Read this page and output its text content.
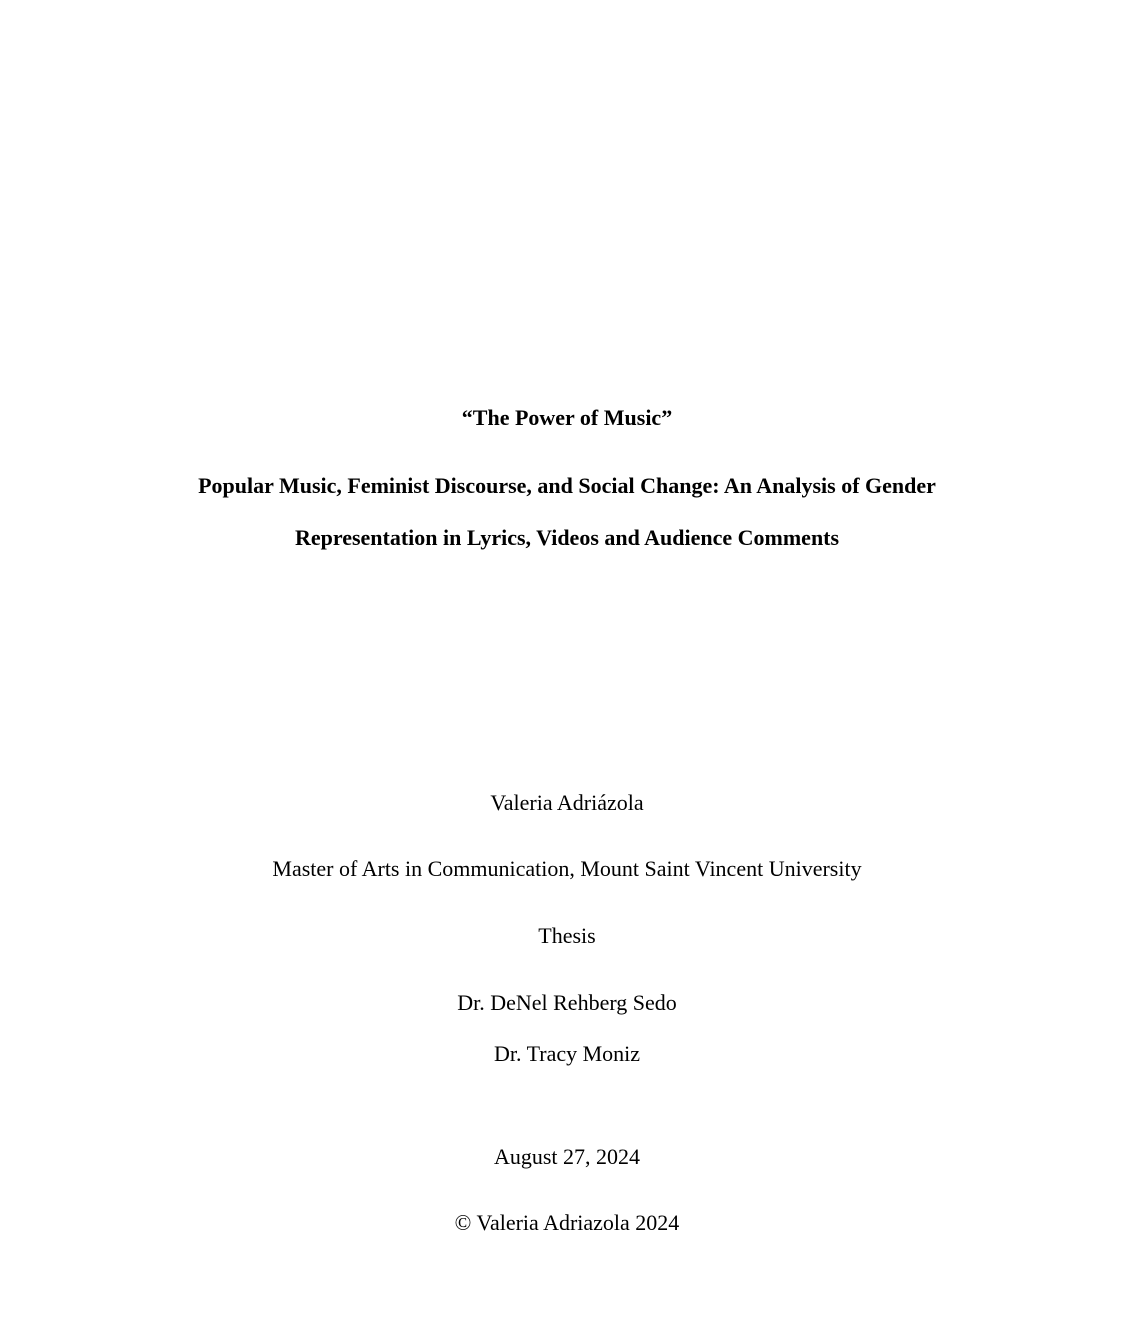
“The Power of Music”
Popular Music, Feminist Discourse, and Social Change: An Analysis of Gender
Representation in Lyrics, Videos and Audience Comments
Valeria Adriázola
Master of Arts in Communication, Mount Saint Vincent University
Thesis
Dr. DeNel Rehberg Sedo
Dr. Tracy Moniz
August 27, 2024
© Valeria Adriazola 2024
